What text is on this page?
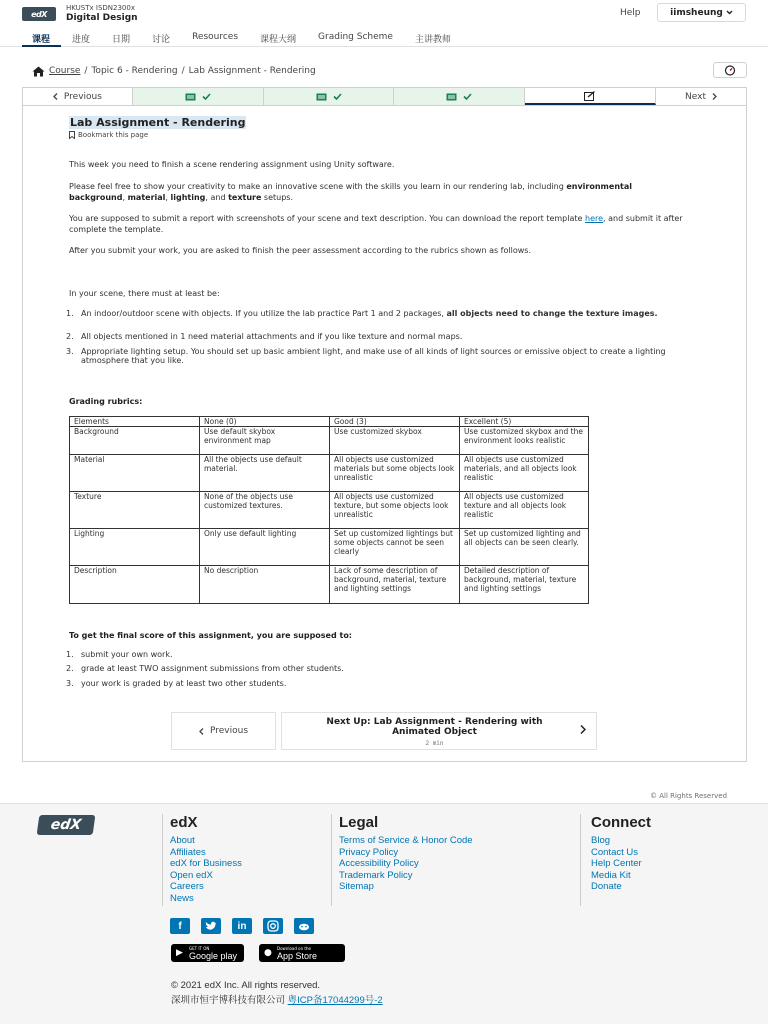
edX
HKUSTx ISDN2300x
Digital Design	Help	iimsheung
课程	进度	日期	讨论	Resources	课程大纲	Grading Scheme	主讲教师
Course / Topic 6 - Rendering / Lab Assignment - Rendering
Previous	Next
Lab Assignment - Rendering
Bookmark this page
This week you need to finish a scene rendering assignment using Unity software.
Please feel free to show your creativity to make an innovative scene with the skills you learn in our rendering lab, including environmental background, material, lighting, and texture setups.
You are supposed to submit a report with screenshots of your scene and text description. You can download the report template here, and submit it after complete the template.
After you submit your work, you are asked to finish the peer assessment according to the rubrics shown as follows.
In your scene, there must at least be:
1. An indoor/outdoor scene with objects. If you utilize the lab practice Part 1 and 2 packages, all objects need to change the texture images.
2. All objects mentioned in 1 need material attachments and if you like texture and normal maps.
3. Appropriate lighting setup. You should set up basic ambient light, and make use of all kinds of light sources or emissive object to create a lighting atmosphere that you like.
Grading rubrics:
Elements	None (0)	Good (3)	Excellent (5)
Background	Use default skybox environment map	Use customized skybox	Use customized skybox and the environment looks realistic
Material	All the objects use default material.	All objects use customized materials but some objects look unrealistic	All objects use customized materials, and all objects look realistic
Texture	None of the objects use customized textures.	All objects use customized texture, but some objects look unrealistic	All objects use customized texture and all objects look realistic
Lighting	Only use default lighting	Set up customized lightings but some objects cannot be seen clearly	Set up customized lighting and all objects can be seen clearly.
Description	No description	Lack of some description of background, material, texture and lighting settings	Detailed description of background, material, texture and lighting settings
To get the final score of this assignment, you are supposed to:
1. submit your own work.
2. grade at least TWO assignment submissions from other students.
3. your work is graded by at least two other students.
Previous
Next Up: Lab Assignment - Rendering with Animated Object
2 min
© All Rights Reserved
edX	edX
About
Affiliates
edX for Business
Open edX
Careers
News
Legal
Terms of Service & Honor Code
Privacy Policy
Accessibility Policy
Trademark Policy
Sitemap
Connect
Blog
Contact Us
Help Center
Media Kit
Donate
f	in
▶ GET IT ON
Google play	● Download on the
App Store
© 2021 edX Inc. All rights reserved.
深圳市恒宇博科技有限公司 粤ICP备17044299号-2
